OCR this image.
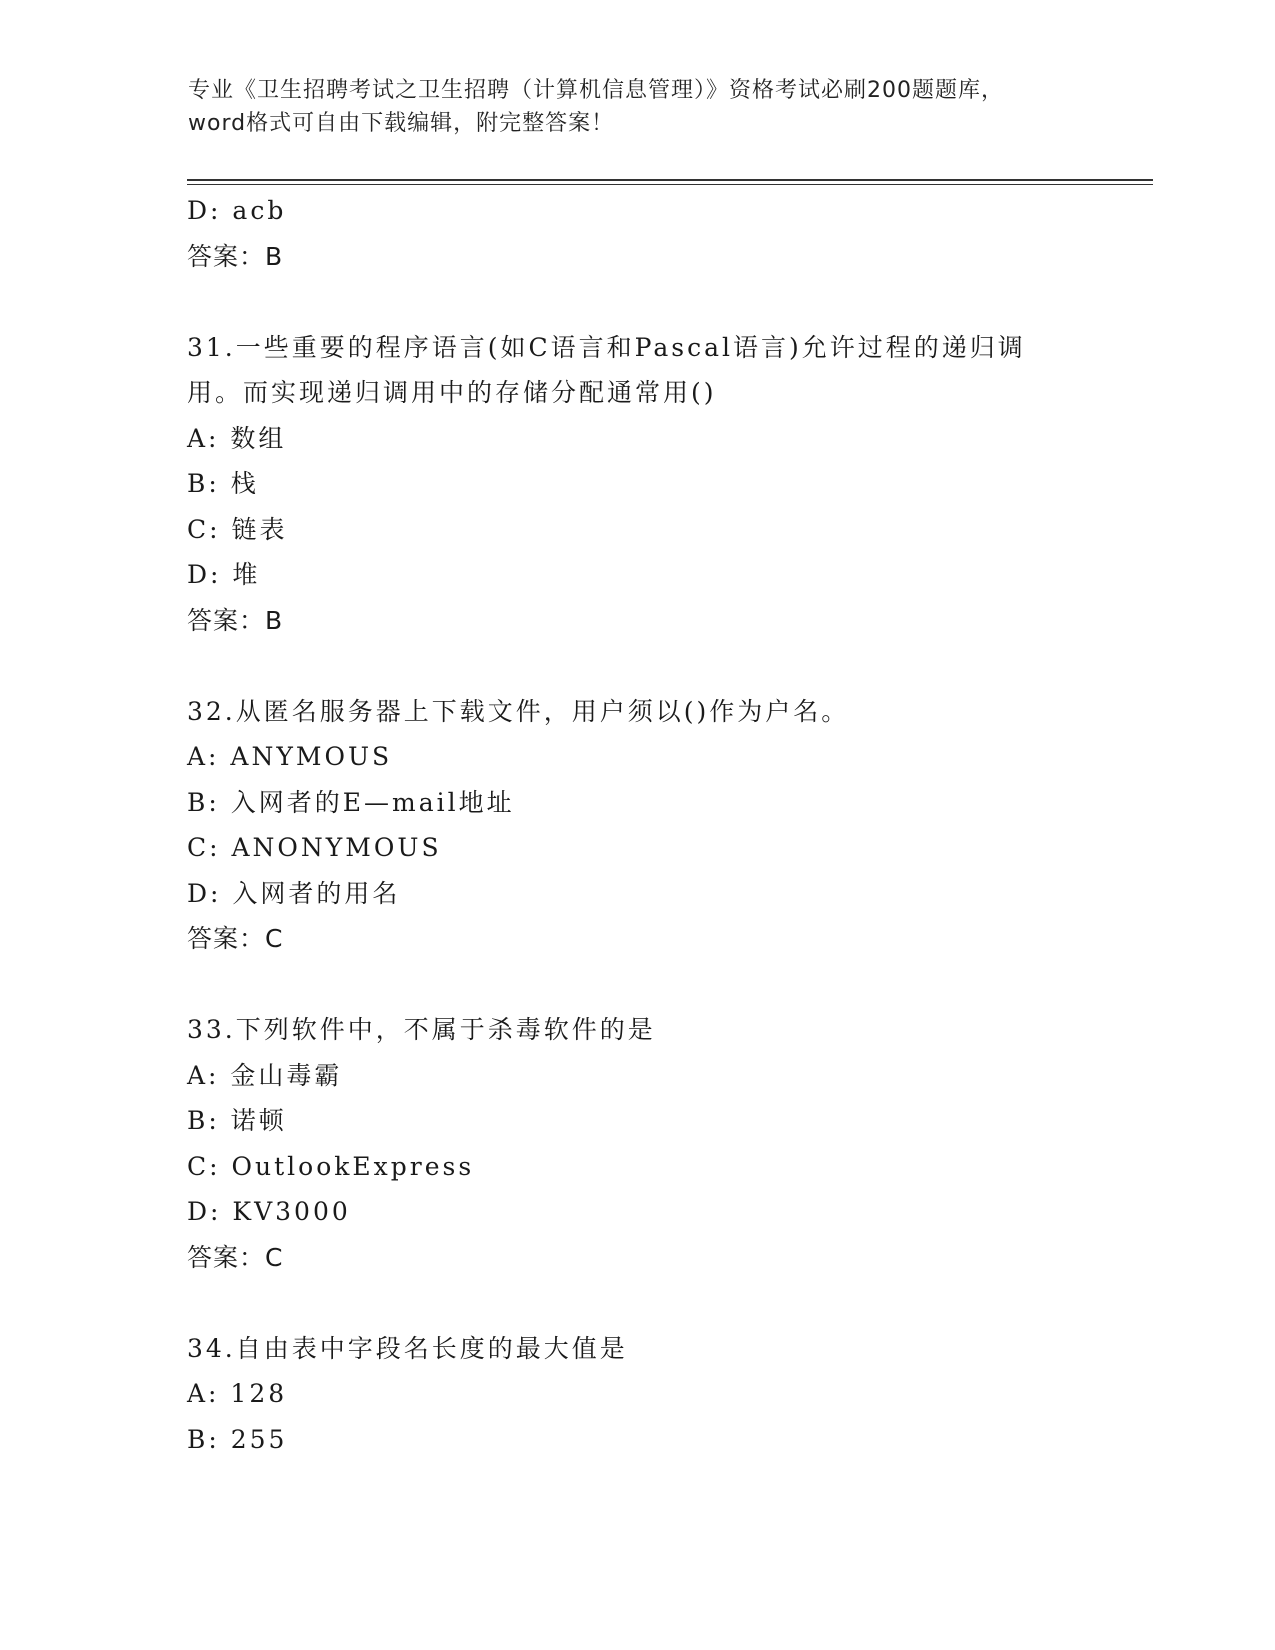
专业《卫生招聘考试之卫生招聘（计算机信息管理）》资格考试必刷200题题库，
word格式可自由下载编辑，附完整答案！
D: acb
答案：B
31.一些重要的程序语言(如C语言和Pascal语言)允许过程的递归调
用。而实现递归调用中的存储分配通常用()
A: 数组
B: 栈
C: 链表
D: 堆
答案：B
32.从匿名服务器上下载文件，用户须以()作为户名。
A: ANYMOUS
B: 入网者的E—mail地址
C: ANONYMOUS
D: 入网者的用名
答案：C
33.下列软件中，不属于杀毒软件的是
A: 金山毒霸
B: 诺顿
C: OutlookExpress
D: KV3000
答案：C
34.自由表中字段名长度的最大值是
A: 128
B: 255
